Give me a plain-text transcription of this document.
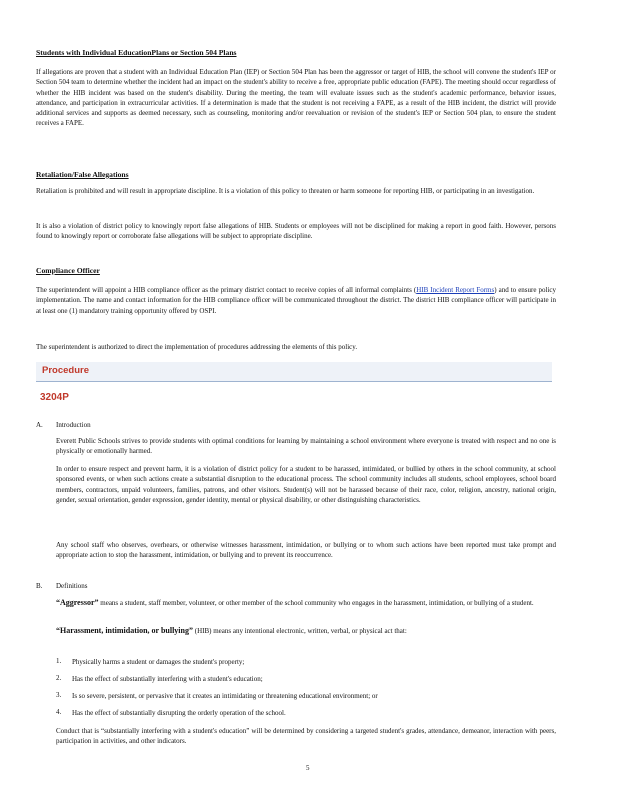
Students with Individual EducationPlans or Section 504 Plans
If allegations are proven that a student with an Individual Education Plan (IEP) or Section 504 Plan has been the aggressor or target of HIB, the school will convene the student's IEP or Section 504 team to determine whether the incident had an impact on the student's ability to receive a free, appropriate public education (FAPE). The meeting should occur regardless of whether the HIB incident was based on the student's disability. During the meeting, the team will evaluate issues such as the student's academic performance, behavior issues, attendance, and participation in extracurricular activities. If a determination is made that the student is not receiving a FAPE, as a result of the HIB incident, the district will provide additional services and supports as deemed necessary, such as counseling, monitoring and/or reevaluation or revision of the student's IEP or Section 504 plan, to ensure the student receives a FAPE.
Retaliation/False Allegations
Retaliation is prohibited and will result in appropriate discipline. It is a violation of this policy to threaten or harm someone for reporting HIB, or participating in an investigation.
It is also a violation of district policy to knowingly report false allegations of HIB. Students or employees will not be disciplined for making a report in good faith. However, persons found to knowingly report or corroborate false allegations will be subject to appropriate discipline.
Compliance Officer
The superintendent will appoint a HIB compliance officer as the primary district contact to receive copies of all informal complaints (HIB Incident Report Forms) and to ensure policy implementation. The name and contact information for the HIB compliance officer will be communicated throughout the district. The district HIB compliance officer will participate in at least one (1) mandatory training opportunity offered by OSPI.
The superintendent is authorized to direct the implementation of procedures addressing the elements of this policy.
Procedure
3204P
A. Introduction
Everett Public Schools strives to provide students with optimal conditions for learning by maintaining a school environment where everyone is treated with respect and no one is physically or emotionally harmed.
In order to ensure respect and prevent harm, it is a violation of district policy for a student to be harassed, intimidated, or bullied by others in the school community, at school sponsored events, or when such actions create a substantial disruption to the educational process. The school community includes all students, school employees, school board members, contractors, unpaid volunteers, families, patrons, and other visitors. Student(s) will not be harassed because of their race, color, religion, ancestry, national origin, gender, sexual orientation, gender expression, gender identity, mental or physical disability, or other distinguishing characteristics.
Any school staff who observes, overhears, or otherwise witnesses harassment, intimidation, or bullying or to whom such actions have been reported must take prompt and appropriate action to stop the harassment, intimidation, or bullying and to prevent its reoccurrence.
B. Definitions
“Aggressor” means a student, staff member, volunteer, or other member of the school community who engages in the harassment, intimidation, or bullying of a student.
“Harassment, intimidation, or bullying” (HIB) means any intentional electronic, written, verbal, or physical act that:
1. Physically harms a student or damages the student's property;
2. Has the effect of substantially interfering with a student's education;
3. Is so severe, persistent, or pervasive that it creates an intimidating or threatening educational environment; or
4. Has the effect of substantially disrupting the orderly operation of the school.
Conduct that is “substantially interfering with a student's education” will be determined by considering a targeted student's grades, attendance, demeanor, interaction with peers, participation in activities, and other indicators.
5
